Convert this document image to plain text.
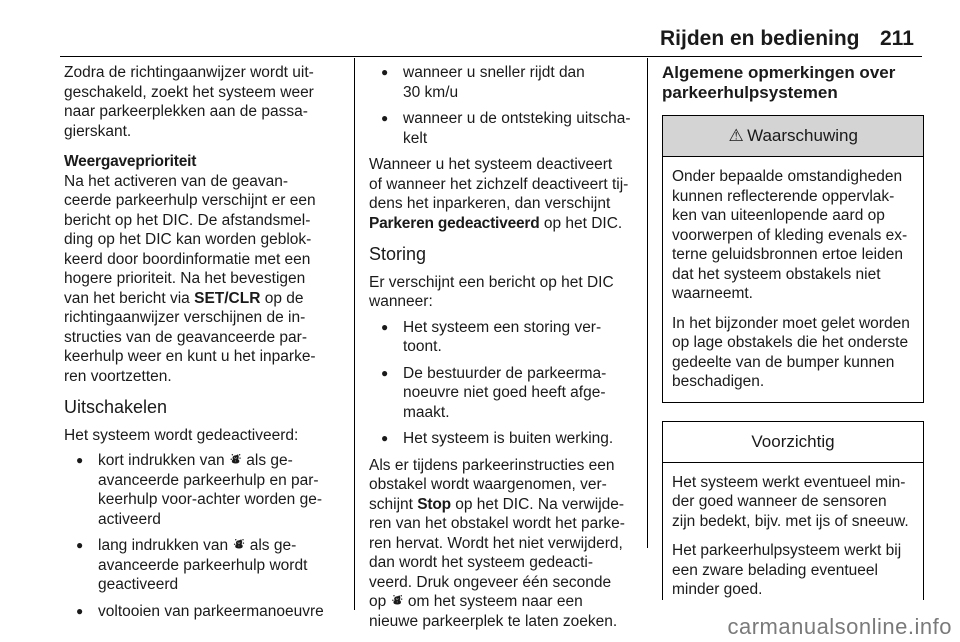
Rijden en bediening 211

Zodra de richtingaanwijzer wordt uit-
geschakeld, zoekt het systeem weer
naar parkeerplekken aan de passa-
gierskant.

Weergaveprioriteit

Na het activeren van de geavan-
ceerde parkeerhulp verschijnt er een
bericht op het DIC. De afstandsmel-
ding op het DIC kan worden geblok-
keerd door boordinformatie met een
hogere prioriteit. Na het bevestigen
van het bericht via SET/CLR op de
richtingaanwijzer verschijnen de in-
structies van de geavanceerde par-
keerhulp weer en kunt u het inparke-
ren voortzetten.

Uitschakelen

Het systeem wordt gedeactiveerd:

● kort indrukken van ⛇ als ge-
avanceerde parkeerhulp en par-
keerhulp voor-achter worden ge-
activeerd
● lang indrukken van ⛇ als ge-
avanceerde parkeerhulp wordt
geactiveerd
● voltooien van parkeermanoeuvre
● wanneer u sneller rijdt dan
30 km/u
● wanneer u de ontsteking uitscha-
kelt

Wanneer u het systeem deactiveert
of wanneer het zichzelf deactiveert tij-
dens het inparkeren, dan verschijnt
Parkeren gedeactiveerd op het DIC.

Storing

Er verschijnt een bericht op het DIC
wanneer:

● Het systeem een storing ver-
toont.
● De bestuurder de parkeerma-
noeuvre niet goed heeft afge-
maakt.
● Het systeem is buiten werking.

Als er tijdens parkeerinstructies een
obstakel wordt waargenomen, ver-
schijnt Stop op het DIC. Na verwijde-
ren van het obstakel wordt het parke-
ren hervat. Wordt het niet verwijderd,
dan wordt het systeem gedeacti-
veerd. Druk ongeveer één seconde
op ⛇ om het systeem naar een
nieuwe parkeerplek te laten zoeken.

Algemene opmerkingen over
parkeerhulpsystemen
⚠ Waarschuwing

Onder bepaalde omstandigheden
kunnen reflecterende oppervlak-
ken van uiteenlopende aard op
voorwerpen of kleding evenals ex-
terne geluidsbronnen ertoe leiden
dat het systeem obstakels niet
waarneemt.

In het bijzonder moet gelet worden
op lage obstakels die het onderste
gedeelte van de bumper kunnen
beschadigen.

Voorzichtig

Het systeem werkt eventueel min-
der goed wanneer de sensoren
zijn bedekt, bijv. met ijs of sneeuw.

Het parkeerhulpsysteem werkt bij
een zware belading eventueel
minder goed.

carmanualsonline.info
